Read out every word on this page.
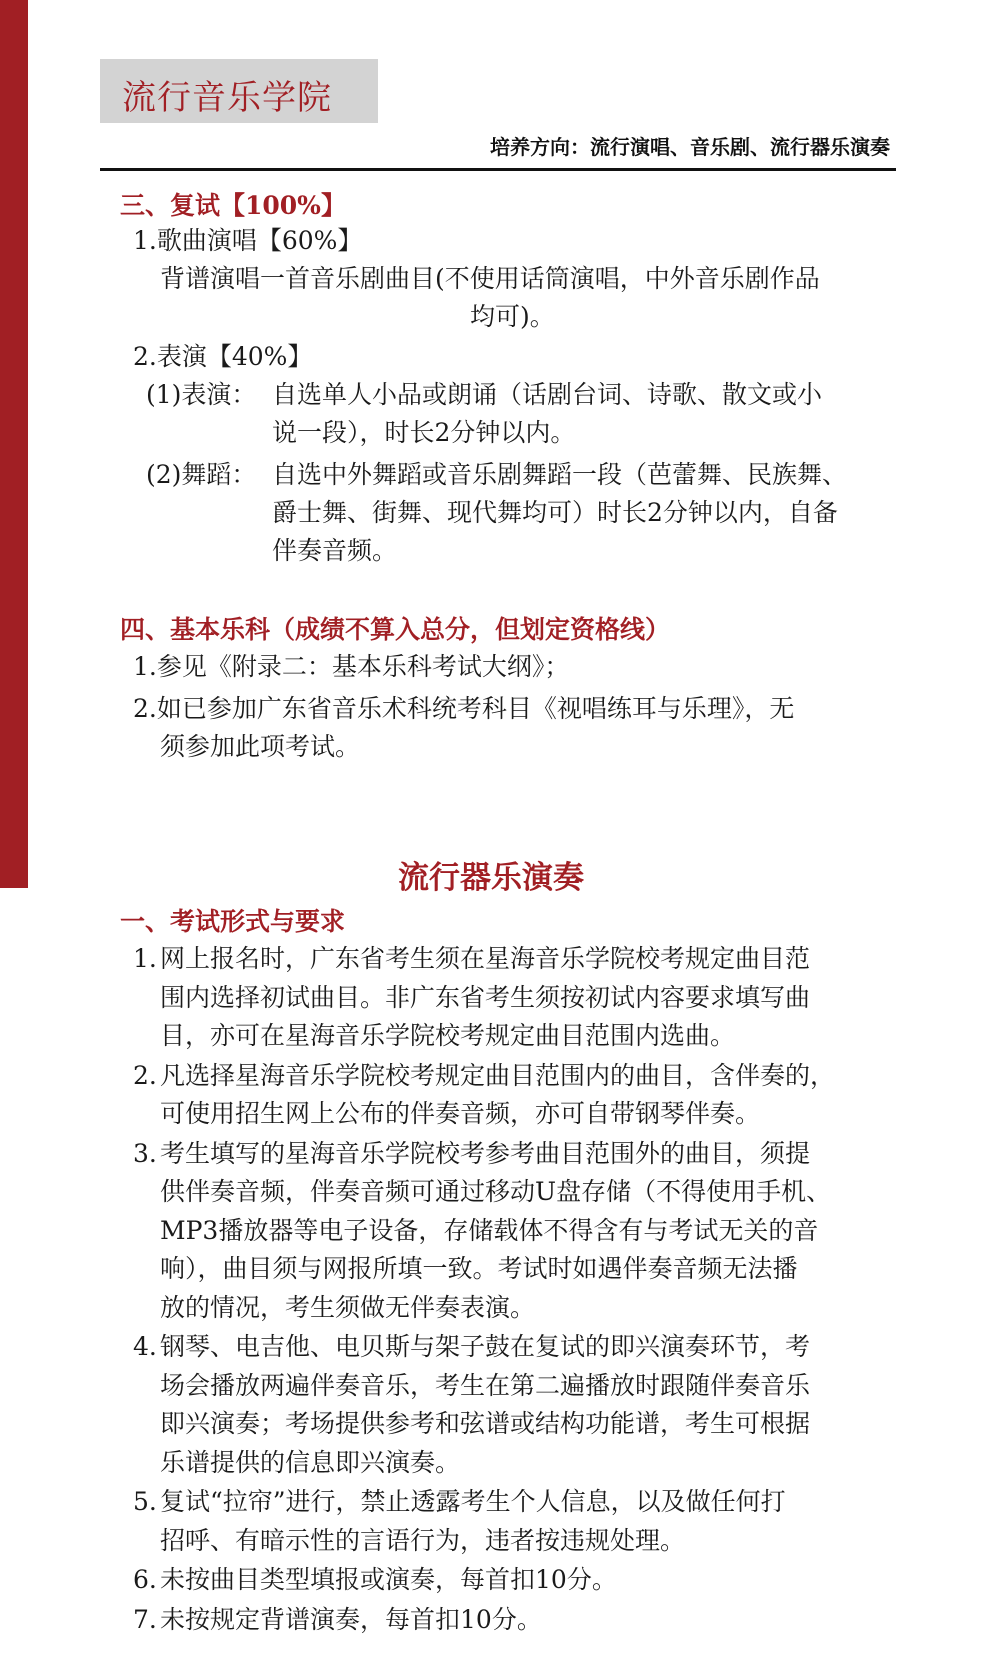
流行音乐学院
培养方向：流行演唱、音乐剧、流行器乐演奏
三、复试【100%】
1.歌曲演唱【60%】
背谱演唱一首音乐剧曲目(不使用话筒演唱，中外音乐剧作品
均可)。
2.表演【40%】
(1)表演： 自选单人小品或朗诵（话剧台词、诗歌、散文或小
说一段），时长2分钟以内。
(2)舞蹈： 自选中外舞蹈或音乐剧舞蹈一段（芭蕾舞、民族舞、
爵士舞、街舞、现代舞均可）时长2分钟以内，自备
伴奏音频。
四、基本乐科（成绩不算入总分，但划定资格线）
1.参见《附录二：基本乐科考试大纲》；
2.如已参加广东省音乐术科统考科目《视唱练耳与乐理》，无
须参加此项考试。
流行器乐演奏
一、考试形式与要求
1. 网上报名时，广东省考生须在星海音乐学院校考规定曲目范
围内选择初试曲目。非广东省考生须按初试内容要求填写曲
目，亦可在星海音乐学院校考规定曲目范围内选曲。
2. 凡选择星海音乐学院校考规定曲目范围内的曲目，含伴奏的，
可使用招生网上公布的伴奏音频，亦可自带钢琴伴奏。
3. 考生填写的星海音乐学院校考参考曲目范围外的曲目，须提
供伴奏音频，伴奏音频可通过移动U盘存储（不得使用手机、
MP3播放器等电子设备，存储载体不得含有与考试无关的音
响），曲目须与网报所填一致。考试时如遇伴奏音频无法播
放的情况，考生须做无伴奏表演。
4. 钢琴、电吉他、电贝斯与架子鼓在复试的即兴演奏环节，考
场会播放两遍伴奏音乐，考生在第二遍播放时跟随伴奏音乐
即兴演奏；考场提供参考和弦谱或结构功能谱，考生可根据
乐谱提供的信息即兴演奏。
5. 复试“拉帘”进行，禁止透露考生个人信息，以及做任何打
招呼、有暗示性的言语行为，违者按违规处理。
6. 未按曲目类型填报或演奏，每首扣10分。
7. 未按规定背谱演奏，每首扣10分。
